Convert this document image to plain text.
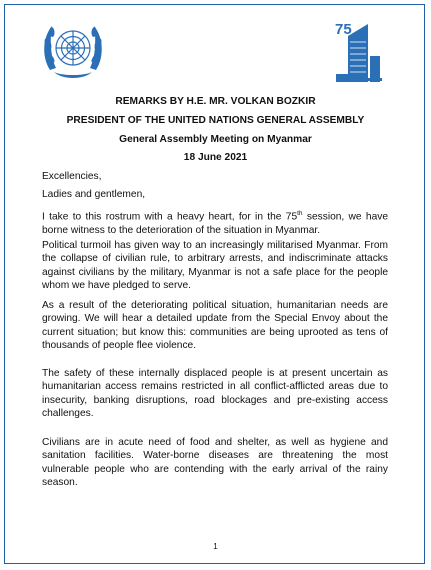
75
REMARKS BY H.E. MR. VOLKAN BOZKIR
PRESIDENT OF THE UNITED NATIONS GENERAL ASSEMBLY
General Assembly Meeting on Myanmar
18 June 2021

Excellencies,

Ladies and gentlemen,

I take to this rostrum with a heavy heart, for in the 75th session, we have borne witness to the deterioration of the situation in Myanmar.

Political turmoil has given way to an increasingly militarised Myanmar. From the collapse of civilian rule, to arbitrary arrests, and indiscriminate attacks against civilians by the military, Myanmar is not a safe place for the people whom we have pledged to serve.

As a result of the deteriorating political situation, humanitarian needs are growing. We will hear a detailed update from the Special Envoy about the current situation; but know this: communities are being uprooted as tens of thousands of people flee violence.

The safety of these internally displaced people is at present uncertain as humanitarian access remains restricted in all conflict-afflicted areas due to insecurity, banking disruptions, road blockages and pre-existing access challenges.

Civilians are in acute need of food and shelter, as well as hygiene and sanitation facilities. Water-borne diseases are threatening the most vulnerable people who are contending with the early arrival of the rainy season.

1
